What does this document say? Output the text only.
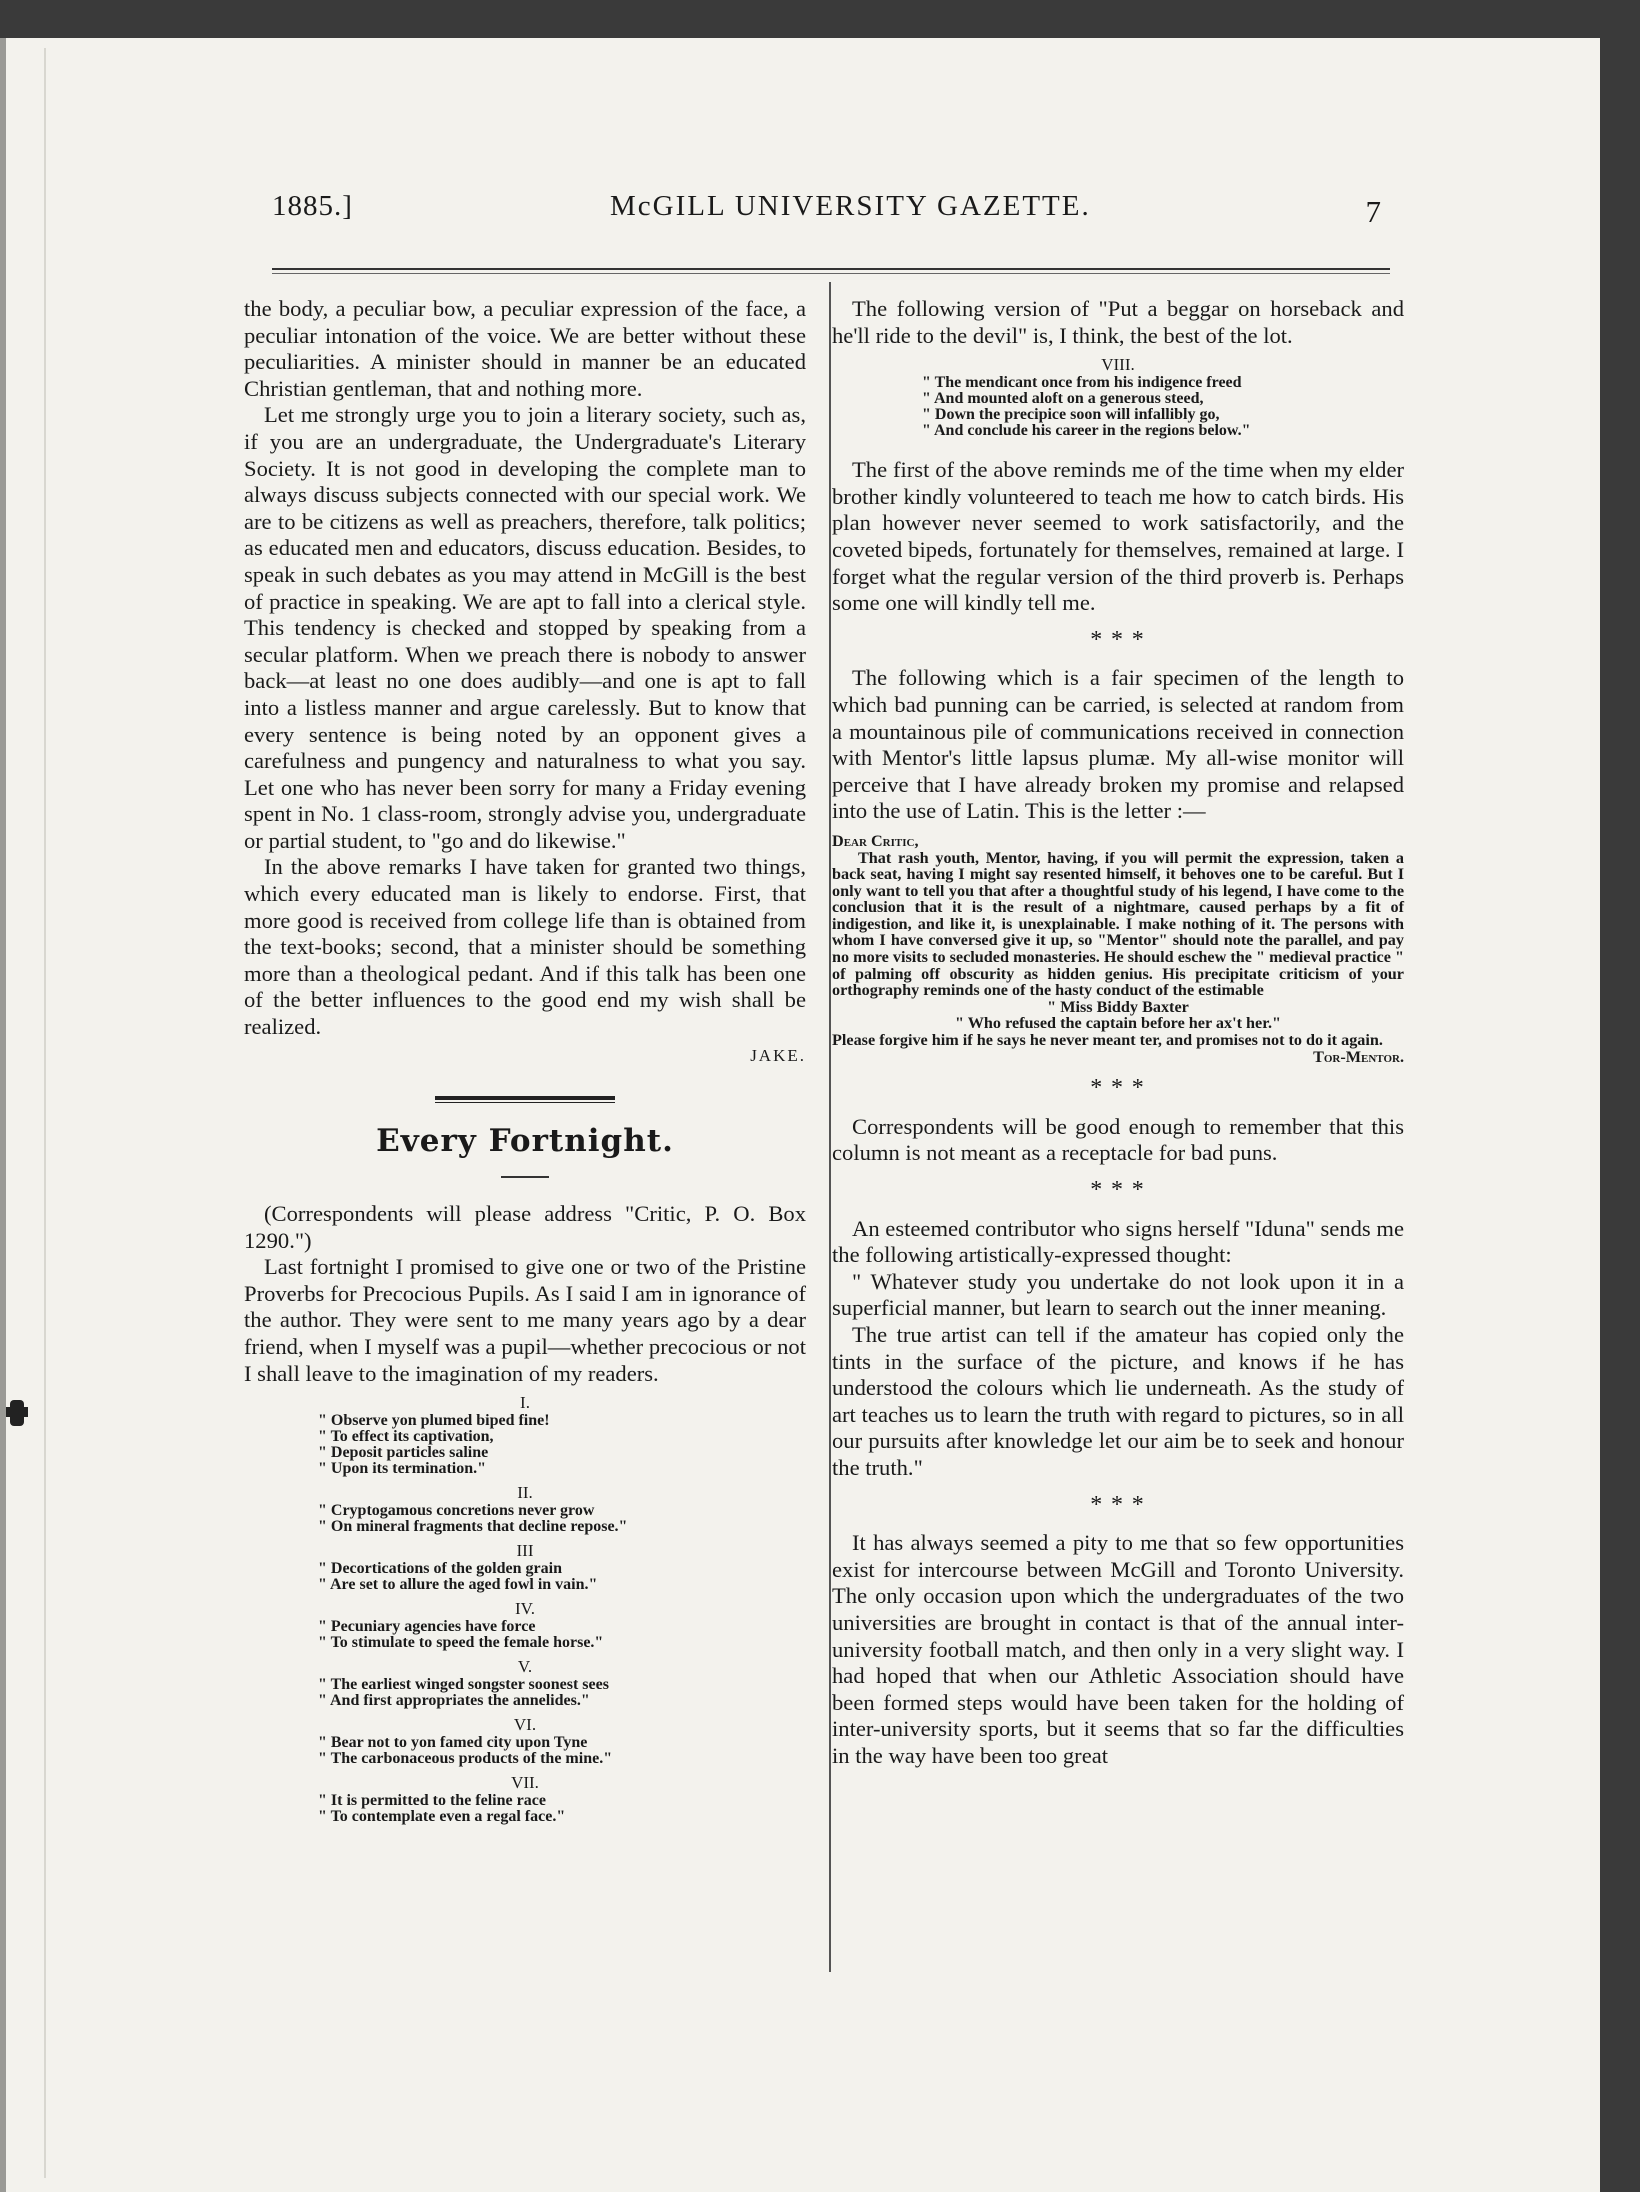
1885.]	McGILL UNIVERSITY GAZETTE.	7

the body, a peculiar bow, a peculiar expression of the face, a peculiar intonation of the voice. We are better without these peculiarities. A minister should in manner be an educated Christian gentleman, that and nothing more.

Let me strongly urge you to join a literary society, such as, if you are an undergraduate, the Undergraduate's Literary Society. It is not good in developing the complete man to always discuss subjects connected with our special work. We are to be citizens as well as preachers, therefore, talk politics; as educated men and educators, discuss education. Besides, to speak in such debates as you may attend in McGill is the best of practice in speaking. We are apt to fall into a clerical style. This tendency is checked and stopped by speaking from a secular platform. When we preach there is nobody to answer back—at least no one does audibly—and one is apt to fall into a listless manner and argue carelessly. But to know that every sentence is being noted by an opponent gives a carefulness and pungency and naturalness to what you say. Let one who has never been sorry for many a Friday evening spent in No. 1 class-room, strongly advise you, undergraduate or partial student, to "go and do likewise."

In the above remarks I have taken for granted two things, which every educated man is likely to endorse. First, that more good is received from college life than is obtained from the text-books; second, that a minister should be something more than a theological pedant. And if this talk has been one of the better influences to the good end my wish shall be realized.

JAKE.

Every Fortnight.

(Correspondents will please address "Critic, P. O. Box 1290.")

Last fortnight I promised to give one or two of the Pristine Proverbs for Precocious Pupils. As I said I am in ignorance of the author. They were sent to me many years ago by a dear friend, when I myself was a pupil—whether precocious or not I shall leave to the imagination of my readers.

I.

" Observe yon plumed biped fine!

" To effect its captivation,

" Deposit particles saline

" Upon its termination."

II.

" Cryptogamous concretions never grow

" On mineral fragments that decline repose."

III

" Decortications of the golden grain

" Are set to allure the aged fowl in vain."

IV.

" Pecuniary agencies have force

" To stimulate to speed the female horse."

V.

" The earliest winged songster soonest sees

" And first appropriates the annelides."

VI.

" Bear not to yon famed city upon Tyne

" The carbonaceous products of the mine."

VII.

" It is permitted to the feline race

" To contemplate even a regal face."

The following version of "Put a beggar on horseback and he'll ride to the devil" is, I think, the best of the lot.

VIII.

" The mendicant once from his indigence freed

" And mounted aloft on a generous steed,

" Down the precipice soon will infallibly go,

" And conclude his career in the regions below."

The first of the above reminds me of the time when my elder brother kindly volunteered to teach me how to catch birds. His plan however never seemed to work satisfactorily, and the coveted bipeds, fortunately for themselves, remained at large. I forget what the regular version of the third proverb is. Perhaps some one will kindly tell me.

* * *

The following which is a fair specimen of the length to which bad punning can be carried, is selected at random from a mountainous pile of communications received in connection with Mentor's little lapsus plumæ. My all-wise monitor will perceive that I have already broken my promise and relapsed into the use of Latin. This is the letter :—

Dear Critic,

That rash youth, Mentor, having, if you will permit the expression, taken a back seat, having I might say resented himself, it behoves one to be careful. But I only want to tell you that after a thoughtful study of his legend, I have come to the conclusion that it is the result of a nightmare, caused perhaps by a fit of indigestion, and like it, is unexplainable. I make nothing of it. The persons with whom I have conversed give it up, so "Mentor" should note the parallel, and pay no more visits to secluded monasteries. He should eschew the " medieval practice " of palming off obscurity as hidden genius. His precipitate criticism of your orthography reminds one of the hasty conduct of the estimable

" Miss Biddy Baxter

" Who refused the captain before her ax't her."

Please forgive him if he says he never meant ter, and promises not to do it again.

Tor-Mentor.

* * *

Correspondents will be good enough to remember that this column is not meant as a receptacle for bad puns.

* * *

An esteemed contributor who signs herself "Iduna" sends me the following artistically-expressed thought:

" Whatever study you undertake do not look upon it in a superficial manner, but learn to search out the inner meaning.

The true artist can tell if the amateur has copied only the tints in the surface of the picture, and knows if he has understood the colours which lie underneath. As the study of art teaches us to learn the truth with regard to pictures, so in all our pursuits after knowledge let our aim be to seek and honour the truth."

* * *

It has always seemed a pity to me that so few opportunities exist for intercourse between McGill and Toronto University. The only occasion upon which the undergraduates of the two universities are brought in contact is that of the annual inter-university football match, and then only in a very slight way. I had hoped that when our Athletic Association should have been formed steps would have been taken for the holding of inter-university sports, but it seems that so far the difficulties in the way have been too great
